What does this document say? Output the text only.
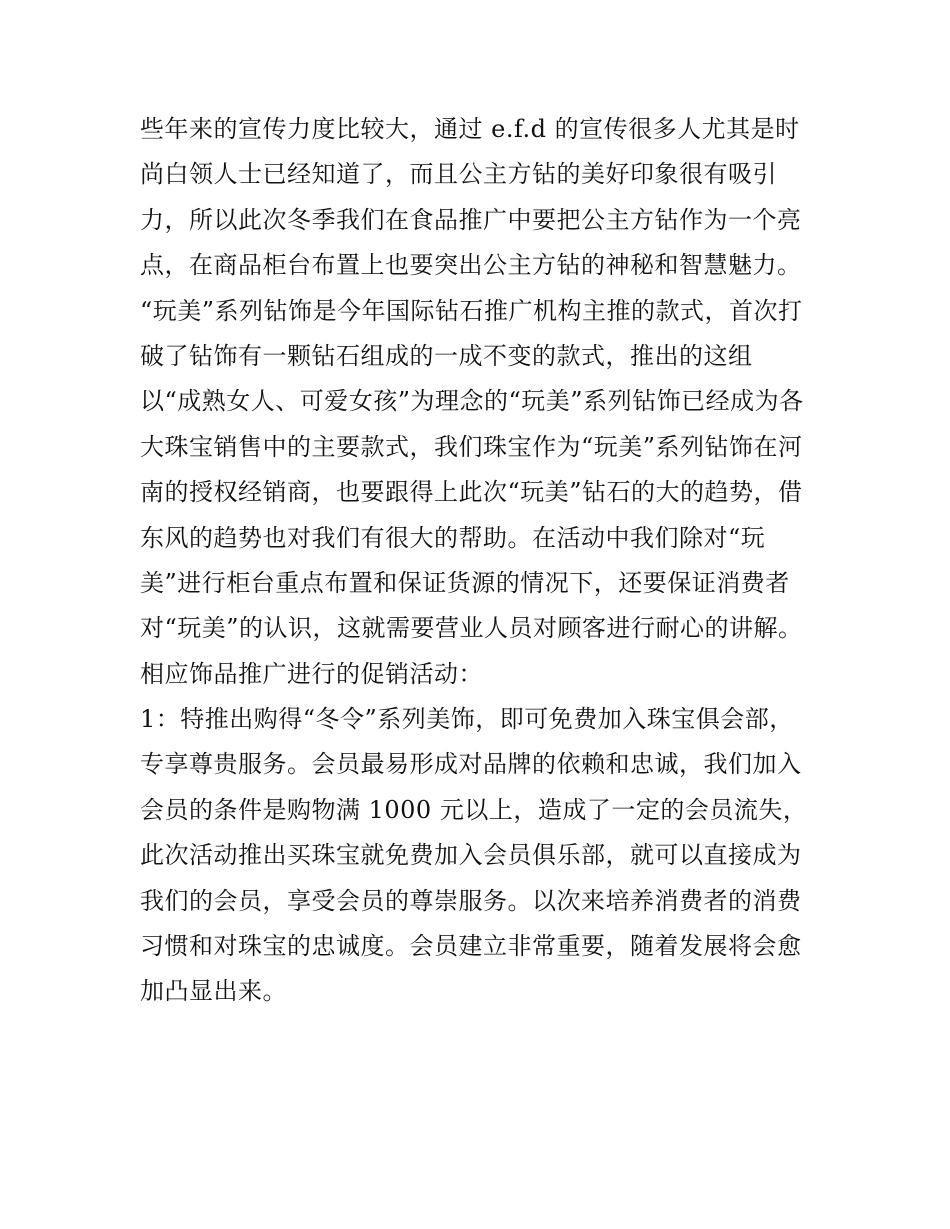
些年来的宣传力度比较大，通过 e.f.d 的宣传很多人尤其是时
尚白领人士已经知道了，而且公主方钻的美好印象很有吸引
力，所以此次冬季我们在食品推广中要把公主方钻作为一个亮
点，在商品柜台布置上也要突出公主方钻的神秘和智慧魅力。
“玩美”系列钻饰是今年国际钻石推广机构主推的款式，首次打
破了钻饰有一颗钻石组成的一成不变的款式，推出的这组
以“成熟女人、可爱女孩”为理念的“玩美”系列钻饰已经成为各
大珠宝销售中的主要款式，我们珠宝作为“玩美”系列钻饰在河
南的授权经销商，也要跟得上此次“玩美”钻石的大的趋势，借
东风的趋势也对我们有很大的帮助。在活动中我们除对“玩
美”进行柜台重点布置和保证货源的情况下，还要保证消费者
对“玩美”的认识，这就需要营业人员对顾客进行耐心的讲解。
相应饰品推广进行的促销活动：
1：特推出购得“冬令”系列美饰，即可免费加入珠宝俱会部，
专享尊贵服务。会员最易形成对品牌的依赖和忠诚，我们加入
会员的条件是购物满 1000 元以上，造成了一定的会员流失，
此次活动推出买珠宝就免费加入会员俱乐部，就可以直接成为
我们的会员，享受会员的尊崇服务。以次来培养消费者的消费
习惯和对珠宝的忠诚度。会员建立非常重要，随着发展将会愈
加凸显出来。
